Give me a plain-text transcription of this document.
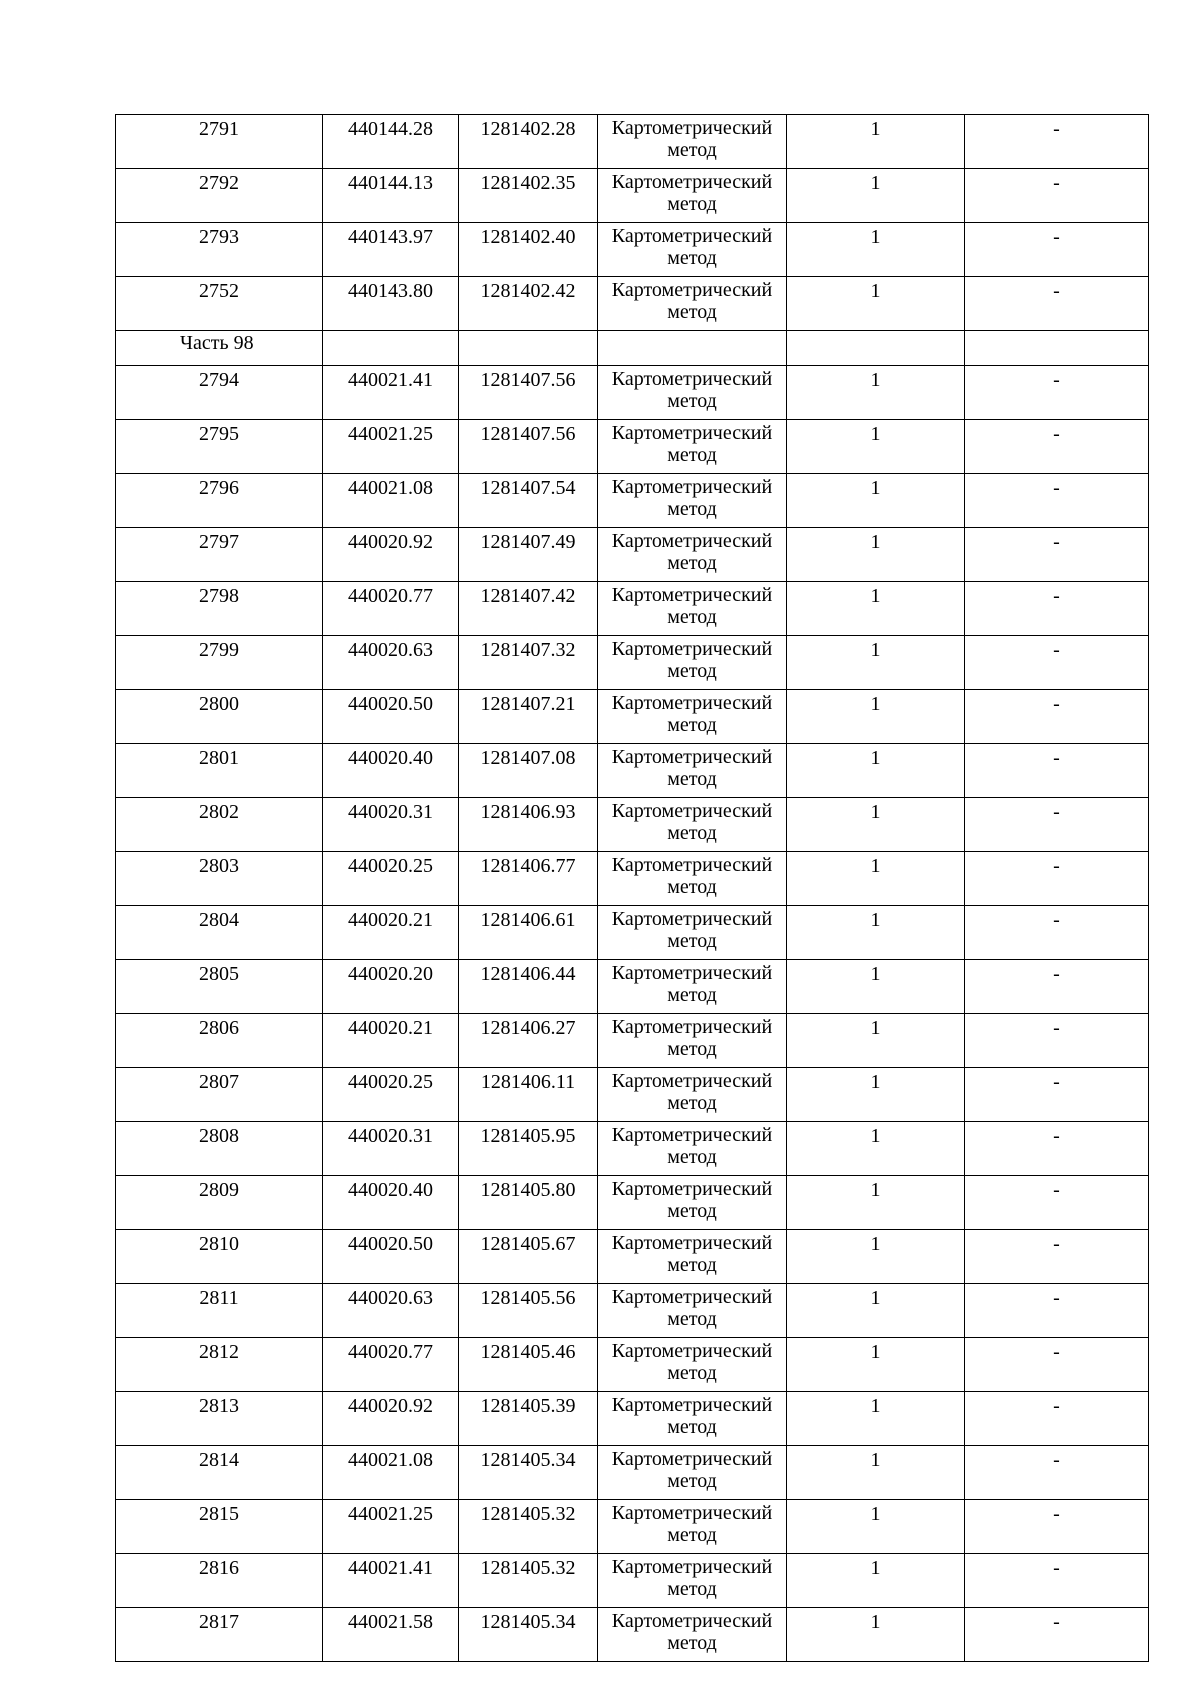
2791	440144.28	1281402.28	Картометрический
метод	1	-
2792	440144.13	1281402.35	Картометрический
метод	1	-
2793	440143.97	1281402.40	Картометрический
метод	1	-
2752	440143.80	1281402.42	Картометрический
метод	1	-
Часть 98					
2794	440021.41	1281407.56	Картометрический
метод	1	-
2795	440021.25	1281407.56	Картометрический
метод	1	-
2796	440021.08	1281407.54	Картометрический
метод	1	-
2797	440020.92	1281407.49	Картометрический
метод	1	-
2798	440020.77	1281407.42	Картометрический
метод	1	-
2799	440020.63	1281407.32	Картометрический
метод	1	-
2800	440020.50	1281407.21	Картометрический
метод	1	-
2801	440020.40	1281407.08	Картометрический
метод	1	-
2802	440020.31	1281406.93	Картометрический
метод	1	-
2803	440020.25	1281406.77	Картометрический
метод	1	-
2804	440020.21	1281406.61	Картометрический
метод	1	-
2805	440020.20	1281406.44	Картометрический
метод	1	-
2806	440020.21	1281406.27	Картометрический
метод	1	-
2807	440020.25	1281406.11	Картометрический
метод	1	-
2808	440020.31	1281405.95	Картометрический
метод	1	-
2809	440020.40	1281405.80	Картометрический
метод	1	-
2810	440020.50	1281405.67	Картометрический
метод	1	-
2811	440020.63	1281405.56	Картометрический
метод	1	-
2812	440020.77	1281405.46	Картометрический
метод	1	-
2813	440020.92	1281405.39	Картометрический
метод	1	-
2814	440021.08	1281405.34	Картометрический
метод	1	-
2815	440021.25	1281405.32	Картометрический
метод	1	-
2816	440021.41	1281405.32	Картометрический
метод	1	-
2817	440021.58	1281405.34	Картометрический
метод	1	-
